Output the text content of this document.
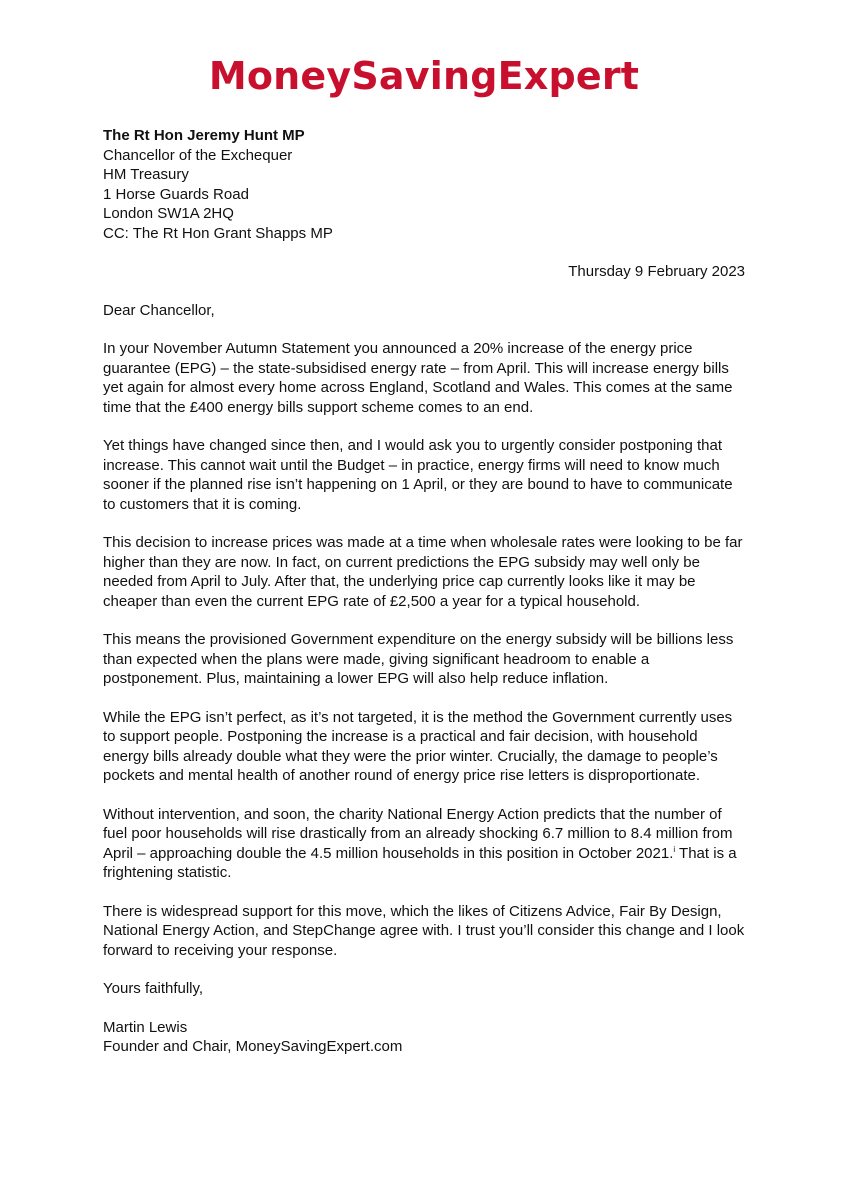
MoneySavingExpert
The Rt Hon Jeremy Hunt MP
Chancellor of the Exchequer
HM Treasury
1 Horse Guards Road
London SW1A 2HQ
CC: The Rt Hon Grant Shapps MP
Thursday 9 February 2023
Dear Chancellor,

In your November Autumn Statement you announced a 20% increase of the energy price guarantee (EPG) – the state-subsidised energy rate – from April. This will increase energy bills yet again for almost every home across England, Scotland and Wales. This comes at the same time that the £400 energy bills support scheme comes to an end.

Yet things have changed since then, and I would ask you to urgently consider postponing that increase. This cannot wait until the Budget – in practice, energy firms will need to know much sooner if the planned rise isn’t happening on 1 April, or they are bound to have to communicate to customers that it is coming.

This decision to increase prices was made at a time when wholesale rates were looking to be far higher than they are now. In fact, on current predictions the EPG subsidy may well only be needed from April to July. After that, the underlying price cap currently looks like it may be cheaper than even the current EPG rate of £2,500 a year for a typical household.

This means the provisioned Government expenditure on the energy subsidy will be billions less than expected when the plans were made, giving significant headroom to enable a postponement. Plus, maintaining a lower EPG will also help reduce inflation.

While the EPG isn’t perfect, as it’s not targeted, it is the method the Government currently uses to support people. Postponing the increase is a practical and fair decision, with household energy bills already double what they were the prior winter. Crucially, the damage to people’s pockets and mental health of another round of energy price rise letters is disproportionate.

Without intervention, and soon, the charity National Energy Action predicts that the number of fuel poor households will rise drastically from an already shocking 6.7 million to 8.4 million from April – approaching double the 4.5 million households in this position in October 2021.$^i$ That is a frightening statistic.

There is widespread support for this move, which the likes of Citizens Advice, Fair By Design, National Energy Action, and StepChange agree with. I trust you’ll consider this change and I look forward to receiving your response.

Yours faithfully,
Martin Lewis
Founder and Chair, MoneySavingExpert.com
